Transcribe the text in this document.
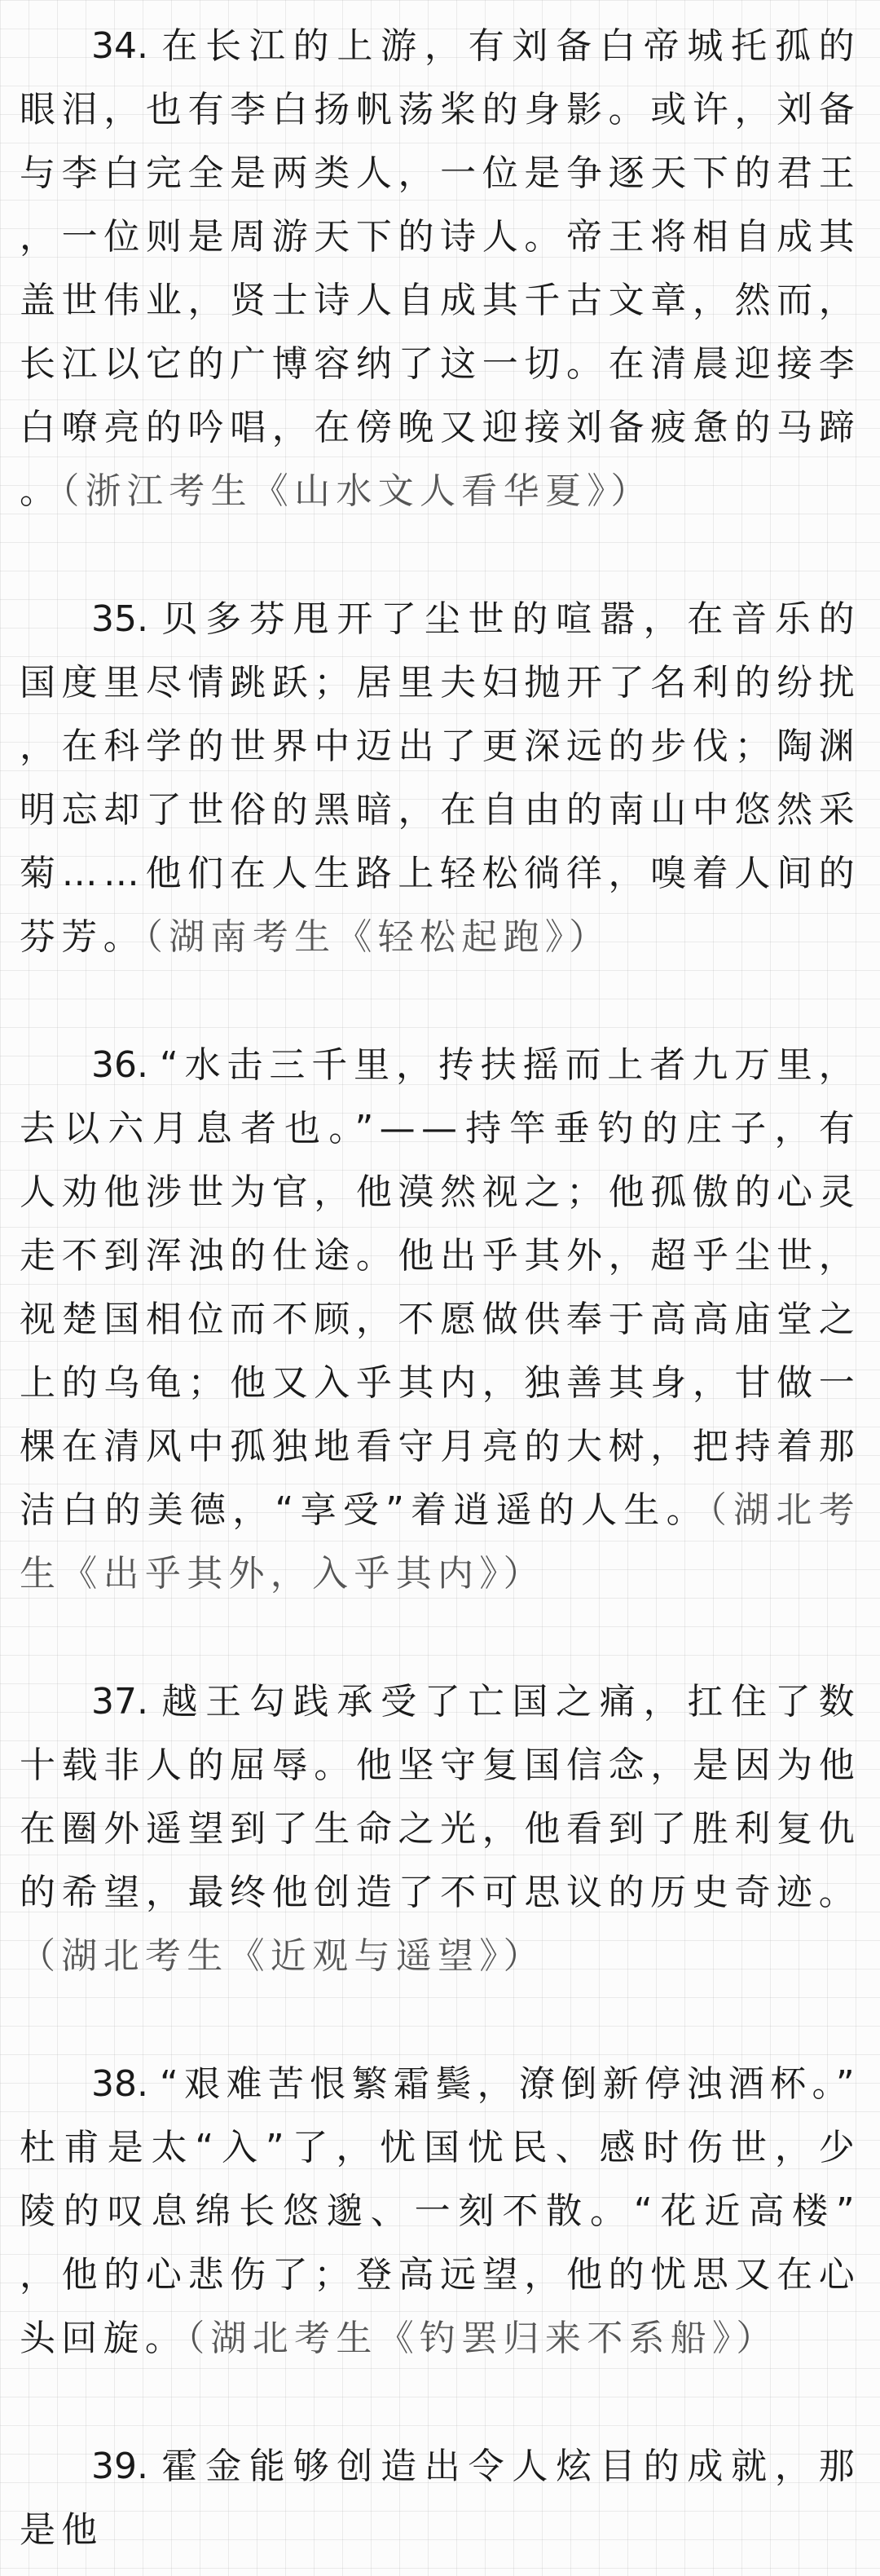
34. 在长江的上游，有刘备白帝城托孤的眼泪，也有李白扬帆荡桨的身影。或许，刘备与李白完全是两类人，一位是争逐天下的君王，一位则是周游天下的诗人。帝王将相自成其盖世伟业，贤士诗人自成其千古文章，然而，长江以它的广博容纳了这一切。在清晨迎接李白嘹亮的吟唱，在傍晚又迎接刘备疲惫的马蹄。（浙江考生《山水文人看华夏》）

35. 贝多芬甩开了尘世的喧嚣，在音乐的国度里尽情跳跃；居里夫妇抛开了名利的纷扰，在科学的世界中迈出了更深远的步伐；陶渊明忘却了世俗的黑暗，在自由的南山中悠然采菊……他们在人生路上轻松徜徉，嗅着人间的芬芳。（湖南考生《轻松起跑》）

36. “水击三千里，抟扶摇而上者九万里，去以六月息者也。”——持竿垂钓的庄子，有人劝他涉世为官，他漠然视之；他孤傲的心灵走不到浑浊的仕途。他出乎其外，超乎尘世，视楚国相位而不顾，不愿做供奉于高高庙堂之上的乌龟；他又入乎其内，独善其身，甘做一棵在清风中孤独地看守月亮的大树，把持着那洁白的美德，“享受”着逍遥的人生。（湖北考生《出乎其外，入乎其内》）

37. 越王勾践承受了亡国之痛，扛住了数十载非人的屈辱。他坚守复国信念，是因为他在圈外遥望到了生命之光，他看到了胜利复仇的希望，最终他创造了不可思议的历史奇迹。（湖北考生《近观与遥望》）

38. “艰难苦恨繁霜鬓，潦倒新停浊酒杯。”杜甫是太“入”了，忧国忧民、感时伤世，少陵的叹息绵长悠邈、一刻不散。“花近高楼”，他的心悲伤了；登高远望，他的忧思又在心头回旋。（湖北考生《钓罢归来不系船》）

39. 霍金能够创造出令人炫目的成就，那是他
